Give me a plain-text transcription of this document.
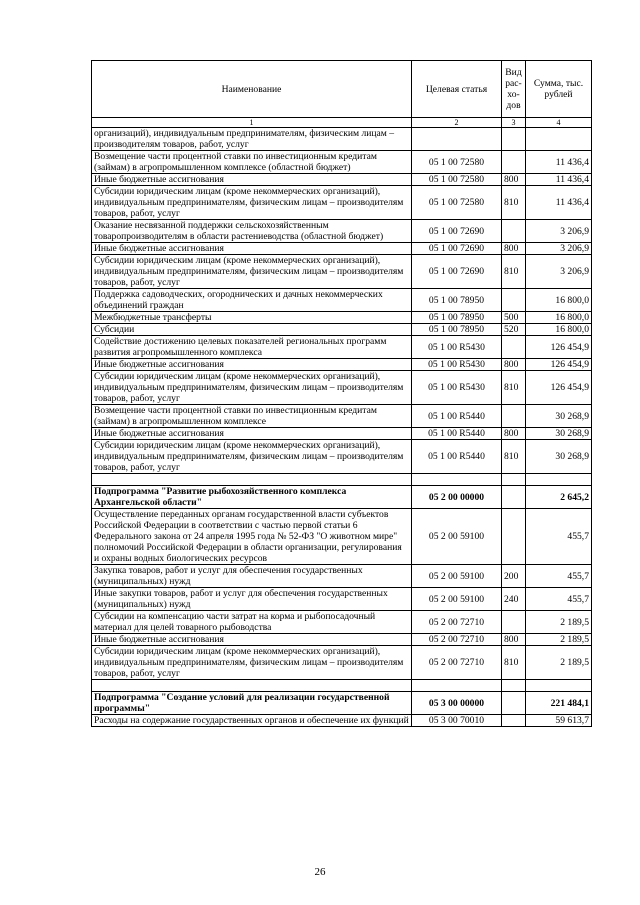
Наименование	Целевая статья	Вид рас-хо-дов	Сумма, тыс. рублей
1	2	3	4
организаций), индивидуальным предпринимателям, физическим лицам – производителям товаров, работ, услуг			
Возмещение части процентной ставки по инвестиционным кредитам (займам) в агропромышленном комплексе (областной бюджет)	05 1 00 72580		11 436,4
Иные бюджетные ассигнования	05 1 00 72580	800	11 436,4
Субсидии юридическим лицам (кроме некоммерческих организаций), индивидуальным предпринимателям, физическим лицам – производителям товаров, работ, услуг	05 1 00 72580	810	11 436,4
Оказание несвязанной поддержки сельскохозяйственным товаропроизводителям в области растениеводства (областной бюджет)	05 1 00 72690		3 206,9
Иные бюджетные ассигнования	05 1 00 72690	800	3 206,9
Субсидии юридическим лицам (кроме некоммерческих организаций), индивидуальным предпринимателям, физическим лицам – производителям товаров, работ, услуг	05 1 00 72690	810	3 206,9
Поддержка садоводческих, огороднических и дачных некоммерческих объединений граждан	05 1 00 78950		16 800,0
Межбюджетные трансферты	05 1 00 78950	500	16 800,0
Субсидии	05 1 00 78950	520	16 800,0
Содействие достижению целевых показателей региональных программ развития агропромышленного комплекса	05 1 00 R5430		126 454,9
Иные бюджетные ассигнования	05 1 00 R5430	800	126 454,9
Субсидии юридическим лицам (кроме некоммерческих организаций), индивидуальным предпринимателям, физическим лицам – производителям товаров, работ, услуг	05 1 00 R5430	810	126 454,9
Возмещение части процентной ставки по инвестиционным кредитам (займам) в агропромышленном комплексе	05 1 00 R5440		30 268,9
Иные бюджетные ассигнования	05 1 00 R5440	800	30 268,9
Субсидии юридическим лицам (кроме некоммерческих организаций), индивидуальным предпринимателям, физическим лицам – производителям товаров, работ, услуг	05 1 00 R5440	810	30 268,9

Подпрограмма "Развитие рыбохозяйственного комплекса Архангельской области"	05 2 00 00000		2 645,2
Осуществление переданных органам государственной власти субъектов Российской Федерации в соответствии с частью первой статьи 6 Федерального закона от 24 апреля 1995 года № 52-ФЗ "О животном мире" полномочий Российской Федерации в области организации, регулирования и охраны водных биологических ресурсов	05 2 00 59100		455,7
Закупка товаров, работ и услуг для обеспечения государственных (муниципальных) нужд	05 2 00 59100	200	455,7
Иные закупки товаров, работ и услуг для обеспечения государственных (муниципальных) нужд	05 2 00 59100	240	455,7
Субсидии на компенсацию части затрат на корма и рыбопосадочный материал для целей товарного рыбоводства	05 2 00 72710		2 189,5
Иные бюджетные ассигнования	05 2 00 72710	800	2 189,5
Субсидии юридическим лицам (кроме некоммерческих организаций), индивидуальным предпринимателям, физическим лицам – производителям товаров, работ, услуг	05 2 00 72710	810	2 189,5

Подпрограмма "Создание условий для реализации государственной программы"	05 3 00 00000		221 484,1
Расходы на содержание государственных органов и обеспечение их функций	05 3 00 70010		59 613,7
26
